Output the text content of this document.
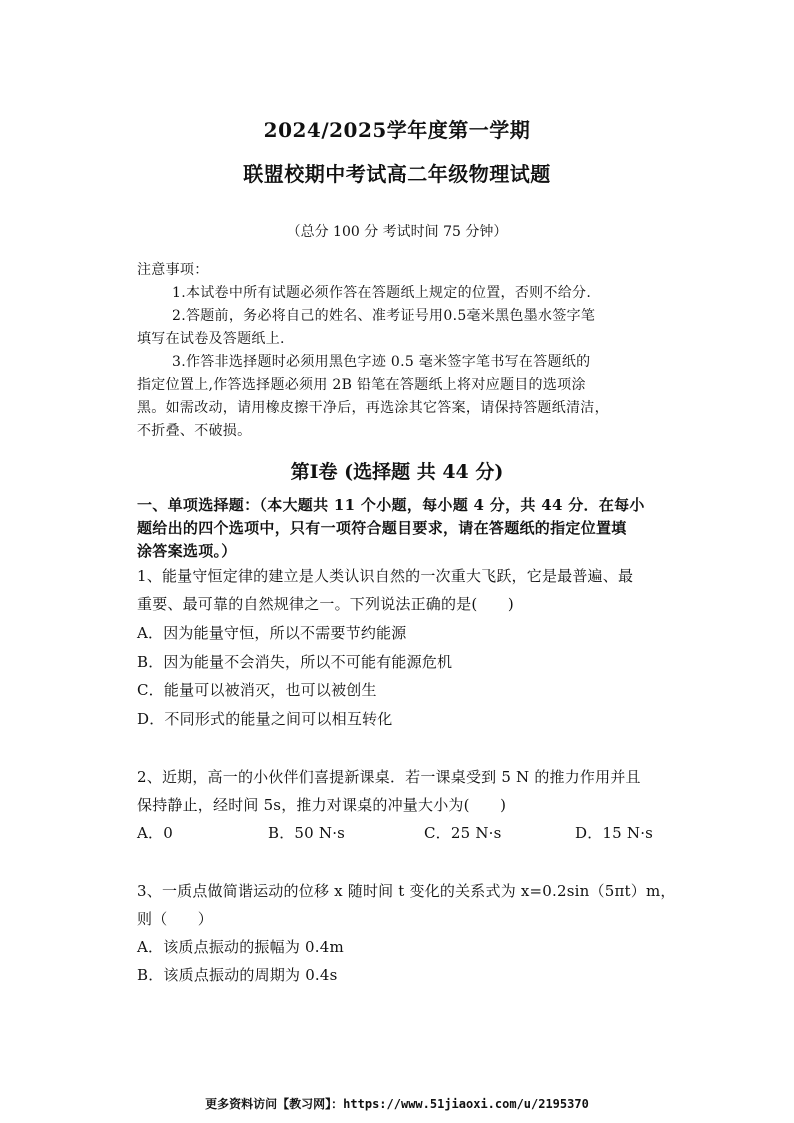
2024/2025学年度第一学期
联盟校期中考试高二年级物理试题
（总分 100 分 考试时间 75 分钟）
注意事项：
1.本试卷中所有试题必须作答在答题纸上规定的位置，否则不给分.
2.答题前，务必将自己的姓名、准考证号用0.5毫米黑色墨水签字笔
填写在试卷及答题纸上.
3.作答非选择题时必须用黑色字迹 0.5 毫米签字笔书写在答题纸的
指定位置上,作答选择题必须用 2B 铅笔在答题纸上将对应题目的选项涂
黑。如需改动，请用橡皮擦干净后，再选涂其它答案，请保持答题纸清洁，
不折叠、不破损。
第Ⅰ卷 (选择题 共 44 分)
一、单项选择题：（本大题共 11 个小题，每小题 4 分，共 44 分．在每小
题给出的四个选项中，只有一项符合题目要求，请在答题纸的指定位置填
涂答案选项。）
1、能量守恒定律的建立是人类认识自然的一次重大飞跃，它是最普遍、最
重要、最可靠的自然规律之一。下列说法正确的是(　　)
A．因为能量守恒，所以不需要节约能源
B．因为能量不会消失，所以不可能有能源危机
C．能量可以被消灭，也可以被创生
D．不同形式的能量之间可以相互转化
2、近期，高一的小伙伴们喜提新课桌．若一课桌受到 5 N 的推力作用并且
保持静止，经时间 5s，推力对课桌的冲量大小为(　　)
A．0	B．50 N·s	C．25 N·s	D．15 N·s
3、一质点做简谐运动的位移 x 随时间 t 变化的关系式为 x=0.2sin（5πt）m，
则（　　）
A．该质点振动的振幅为 0.4m
B．该质点振动的周期为 0.4s
更多资料访问【教习网】：https://www.51jiaoxi.com/u/2195370
